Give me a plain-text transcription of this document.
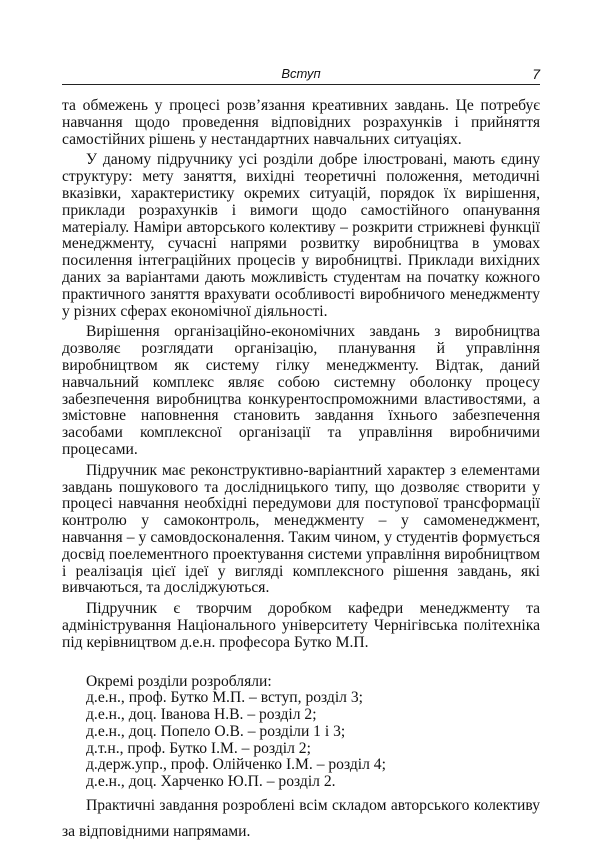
Вступ	7

та обмежень у процесі розв’язання креативних завдань. Це потребує навчання щодо проведення відповідних розрахунків і прийняття самостійних рішень у нестандартних навчальних ситуаціях.

У даному підручнику усі розділи добре ілюстровані, мають єдину структуру: мету заняття, вихідні теоретичні положення, методичні вказівки, характеристику окремих ситуацій, порядок їх вирішення, приклади розрахунків і вимоги щодо самостійного опанування матеріалу. Наміри авторського колективу – розкрити стрижневі функції менеджменту, сучасні напрями розвитку виробництва в умовах посилення інтеграційних процесів у виробництві. Приклади вихідних даних за варіантами дають можливість студентам на початку кожного практичного заняття врахувати особливості виробничого менеджменту у різних сферах економічної діяльності.

Вирішення організаційно-економічних завдань з виробництва дозволяє розглядати організацію, планування й управління виробництвом як систему гілку менеджменту. Відтак, даний навчальний комплекс являє собою системну оболонку процесу забезпечення виробництва конкурентоспроможними властивостями, а змістовне наповнення становить завдання їхнього забезпечення засобами комплексної організації та управління виробничими процесами.

Підручник має реконструктивно-варіантний характер з елементами завдань пошукового та дослідницького типу, що дозволяє створити у процесі навчання необхідні передумови для поступової трансформації контролю у самоконтроль, менеджменту – у самоменеджмент, навчання – у самовдосконалення. Таким чином, у студентів формується досвід поелементного проектування системи управління виробництвом і реалізація цієї ідеї у вигляді комплексного рішення завдань, які вивчаються, та досліджуються.

Підручник є творчим доробком кафедри менеджменту та адміністрування Національного університету Чернігівська політехніка під керівництвом д.е.н. професора Бутко М.П.

Окремі розділи розробляли:
д.е.н., проф. Бутко М.П. – вступ, розділ 3;
д.е.н., доц. Іванова Н.В. – розділ 2;
д.е.н., доц. Попело О.В. – розділи 1 і 3;
д.т.н., проф. Бутко І.М. – розділ 2;
д.держ.упр., проф. Олійченко І.М. – розділ 4;
д.е.н., доц. Харченко Ю.П. – розділ 2.

Практичні завдання розроблені всім складом авторського колективу за відповідними напрямами.
